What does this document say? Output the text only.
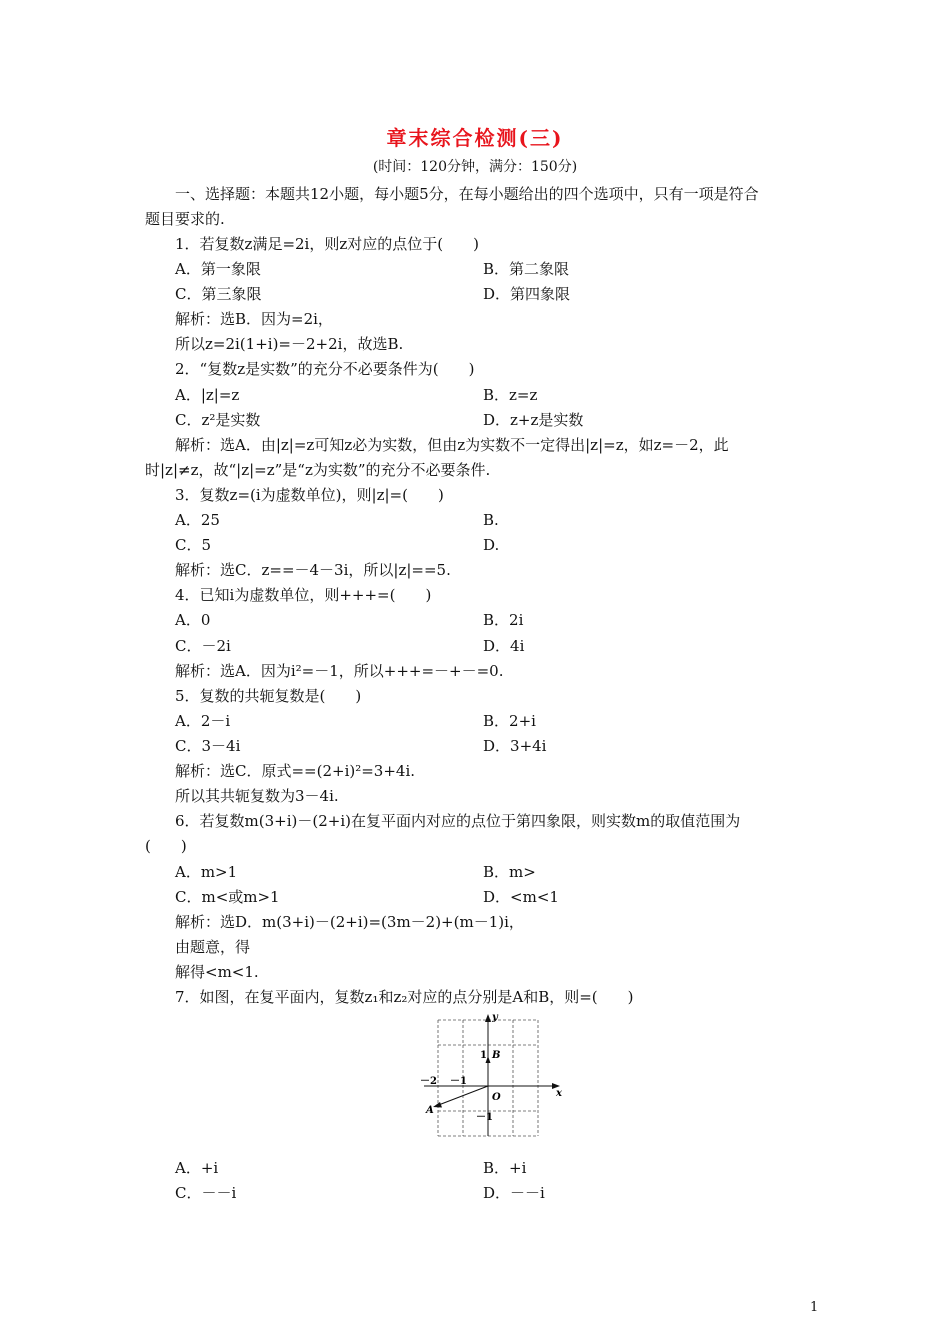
章末综合检测(三)
(时间：120分钟，满分：150分)
一、选择题：本题共12小题，每小题5分，在每小题给出的四个选项中，只有一项是符合
题目要求的.
1．若复数z满足=2i，则z对应的点位于(　　)
A．第一象限	B．第二象限
C．第三象限	D．第四象限
解析：选B．因为=2i，
所以z=2i(1+i)=－2+2i，故选B.
2．“复数z是实数”的充分不必要条件为(　　)
A．|z|=z	B．z=z
C．z²是实数	D．z+z是实数
解析：选A．由|z|=z可知z必为实数，但由z为实数不一定得出|z|=z，如z=－2，此
时|z|≠z，故“|z|=z”是“z为实数”的充分不必要条件.
3．复数z=(i为虚数单位)，则|z|=(　　)
A．25	B.
C．5	D.
解析：选C．z==－4－3i，所以|z|==5.
4．已知i为虚数单位，则+++=(　　)
A．0	B．2i
C．－2i	D．4i
解析：选A．因为i²=－1，所以+++=－+－=0.
5．复数的共轭复数是(　　)
A．2－i	B．2+i
C．3－4i	D．3+4i
解析：选C．原式==(2+i)²=3+4i.
所以其共轭复数为3－4i.
6．若复数m(3+i)－(2+i)在复平面内对应的点位于第四象限，则实数m的取值范围为
(　　)
A．m>1	B．m>
C．m<或m>1	D．<m<1
解析：选D．m(3+i)－(2+i)=(3m－2)+(m－1)i，
由题意，得
解得<m<1.
7．如图，在复平面内，复数z₁和z₂对应的点分别是A和B，则=(　　)
y
x
O
1 B
－2 －1
A
－1
A．+i	B．+i
C．－－i	D．－－i
1
